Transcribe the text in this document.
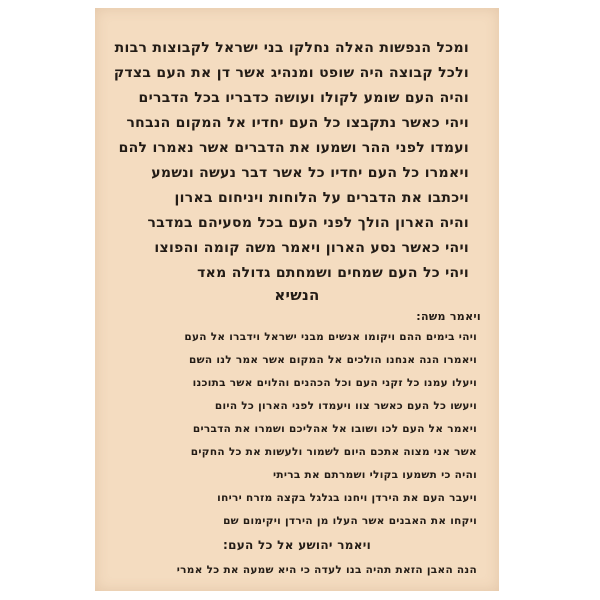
ומכל הנפשות האלה נחלקו בני ישראל לקבוצות רבות
ולכל קבוצה היה שופט ומנהיג אשר דן את העם בצדק
והיה העם שומע לקולו ועושה כדבריו בכל הדברים
ויהי כאשר נתקבצו כל העם יחדיו אל המקום הנבחר
ועמדו לפני ההר ושמעו את הדברים אשר נאמרו להם
ויאמרו כל העם יחדיו כל אשר דבר נעשה ונשמע
ויכתבו את הדברים על הלוחות ויניחום בארון
והיה הארון הולך לפני העם בכל מסעיהם במדבר
ויהי כאשר נסע הארון ויאמר משה קומה והפוצו
ויהי כל העם שמחים ושמחתם גדולה מאד
הנשיא
ויאמר משה:
ויהי בימים ההם ויקומו אנשים מבני ישראל וידברו אל העם
ויאמרו הנה אנחנו הולכים אל המקום אשר אמר לנו השם
ויעלו עמנו כל זקני העם וכל הכהנים והלוים אשר בתוכנו
ויעשו כל העם כאשר צוו ויעמדו לפני הארון כל היום
ויאמר אל העם לכו ושובו אל אהליכם ושמרו את הדברים
אשר אני מצוה אתכם היום לשמור ולעשות את כל החקים
והיה כי תשמעו בקולי ושמרתם את בריתי
ויעבר העם את הירדן ויחנו בגלגל בקצה מזרח יריחו
ויקחו את האבנים אשר העלו מן הירדן ויקימום שם
ויאמר יהושע אל כל העם:
הנה האבן הזאת תהיה בנו לעדה כי היא שמעה את כל אמרי
